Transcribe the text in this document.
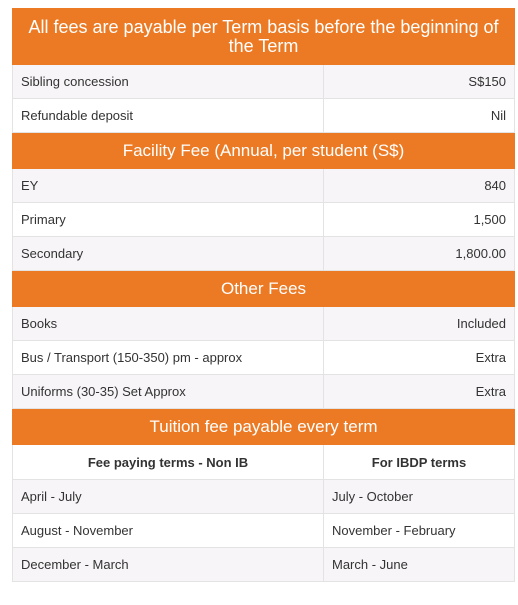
All fees are payable per Term basis before the beginning of the Term	
Sibling concession	S$150
Refundable deposit	Nil
Facility Fee (Annual, per student (S$)	
EY	840
Primary	1,500
Secondary	1,800.00
Other Fees	
Books	Included
Bus / Transport (150-350) pm - approx	Extra
Uniforms (30-35) Set Approx	Extra
Tuition fee payable every term	
Fee paying terms - Non IB	For IBDP terms
April - July	July - October
August - November	November - February
December - March	March - June
